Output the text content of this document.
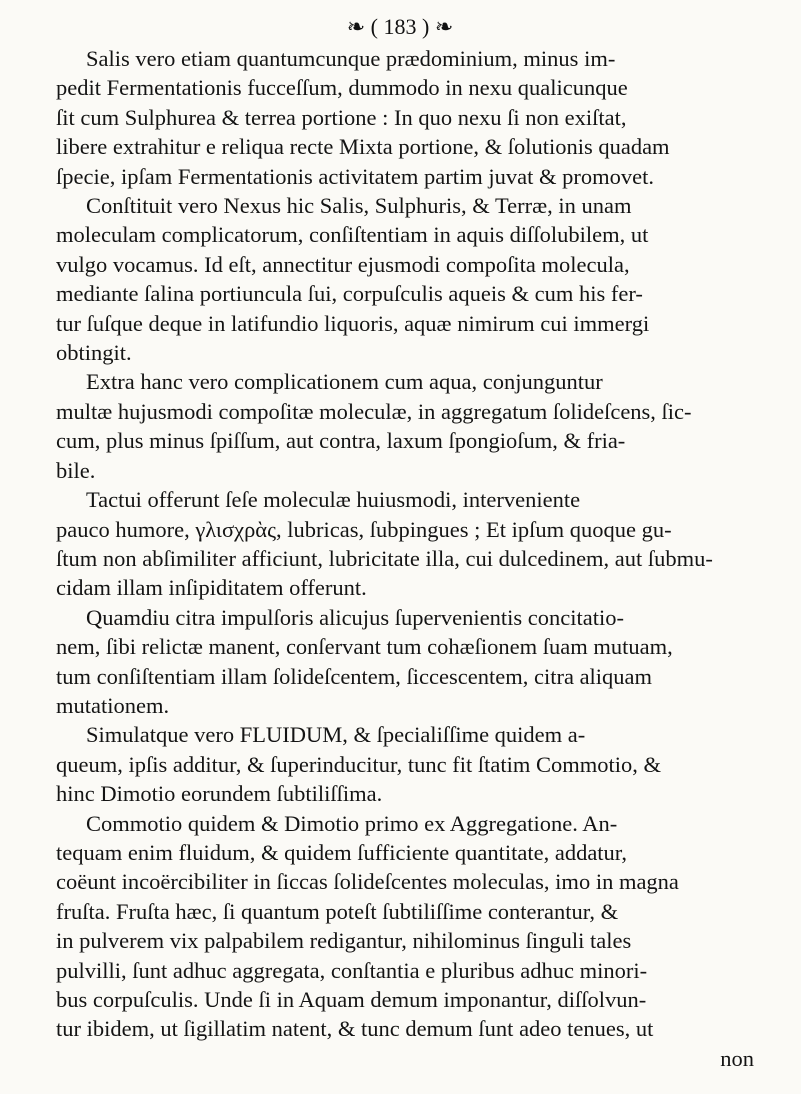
❧ ( 183 ) ❧
Salis vero etiam quantumcunque prædominium, minus im-
pedit Fermentationis fucceſſum, dummodo in nexu qualicunque
ſit cum Sulphurea & terrea portione : In quo nexu ſi non exiſtat,
libere extrahitur e reliqua recte Mixta portione, & ſolutionis quadam
ſpecie, ipſam Fermentationis activitatem partim juvat & promovet.
Conſtituit vero Nexus hic Salis, Sulphuris, & Terræ, in unam
moleculam complicatorum, conſiſtentiam in aquis diſſolubilem, ut
vulgo vocamus. Id eſt, annectitur ejusmodi compoſita molecula,
mediante ſalina portiuncula ſui, corpuſculis aqueis & cum his fer-
tur ſuſque deque in latifundio liquoris, aquæ nimirum cui immergi
obtingit.
Extra hanc vero complicationem cum aqua, conjunguntur
multæ hujusmodi compoſitæ moleculæ, in aggregatum ſolideſcens, ſic-
cum, plus minus ſpiſſum, aut contra, laxum ſpongioſum, & fria-
bile.
Tactui offerunt ſeſe moleculæ huiusmodi, interveniente
pauco humore, γλισχρὰς, lubricas, ſubpingues ; Et ipſum quoque gu-
ſtum non abſimiliter afficiunt, lubricitate illa, cui dulcedinem, aut ſubmu-
cidam illam inſipiditatem offerunt.
Quamdiu citra impulſoris alicujus ſupervenientis concitatio-
nem, ſibi relictæ manent, conſervant tum cohæſionem ſuam mutuam,
tum conſiſtentiam illam ſolideſcentem, ſiccescentem, citra aliquam
mutationem.
Simulatque vero FLUIDUM, & ſpecialiſſime quidem a-
queum, ipſis additur, & ſuperinducitur, tunc fit ſtatim Commotio, &
hinc Dimotio eorundem ſubtiliſſima.
Commotio quidem & Dimotio primo ex Aggregatione. An-
tequam enim fluidum, & quidem ſufficiente quantitate, addatur,
coëunt incoërcibiliter in ſiccas ſolideſcentes moleculas, imo in magna
fruſta. Fruſta hæc, ſi quantum poteſt ſubtiliſſime conterantur, &
in pulverem vix palpabilem redigantur, nihilominus ſinguli tales
pulvilli, ſunt adhuc aggregata, conſtantia e pluribus adhuc minori-
bus corpuſculis. Unde ſi in Aquam demum imponantur, diſſolvun-
tur ibidem, ut ſigillatim natent, & tunc demum ſunt adeo tenues, ut
non
